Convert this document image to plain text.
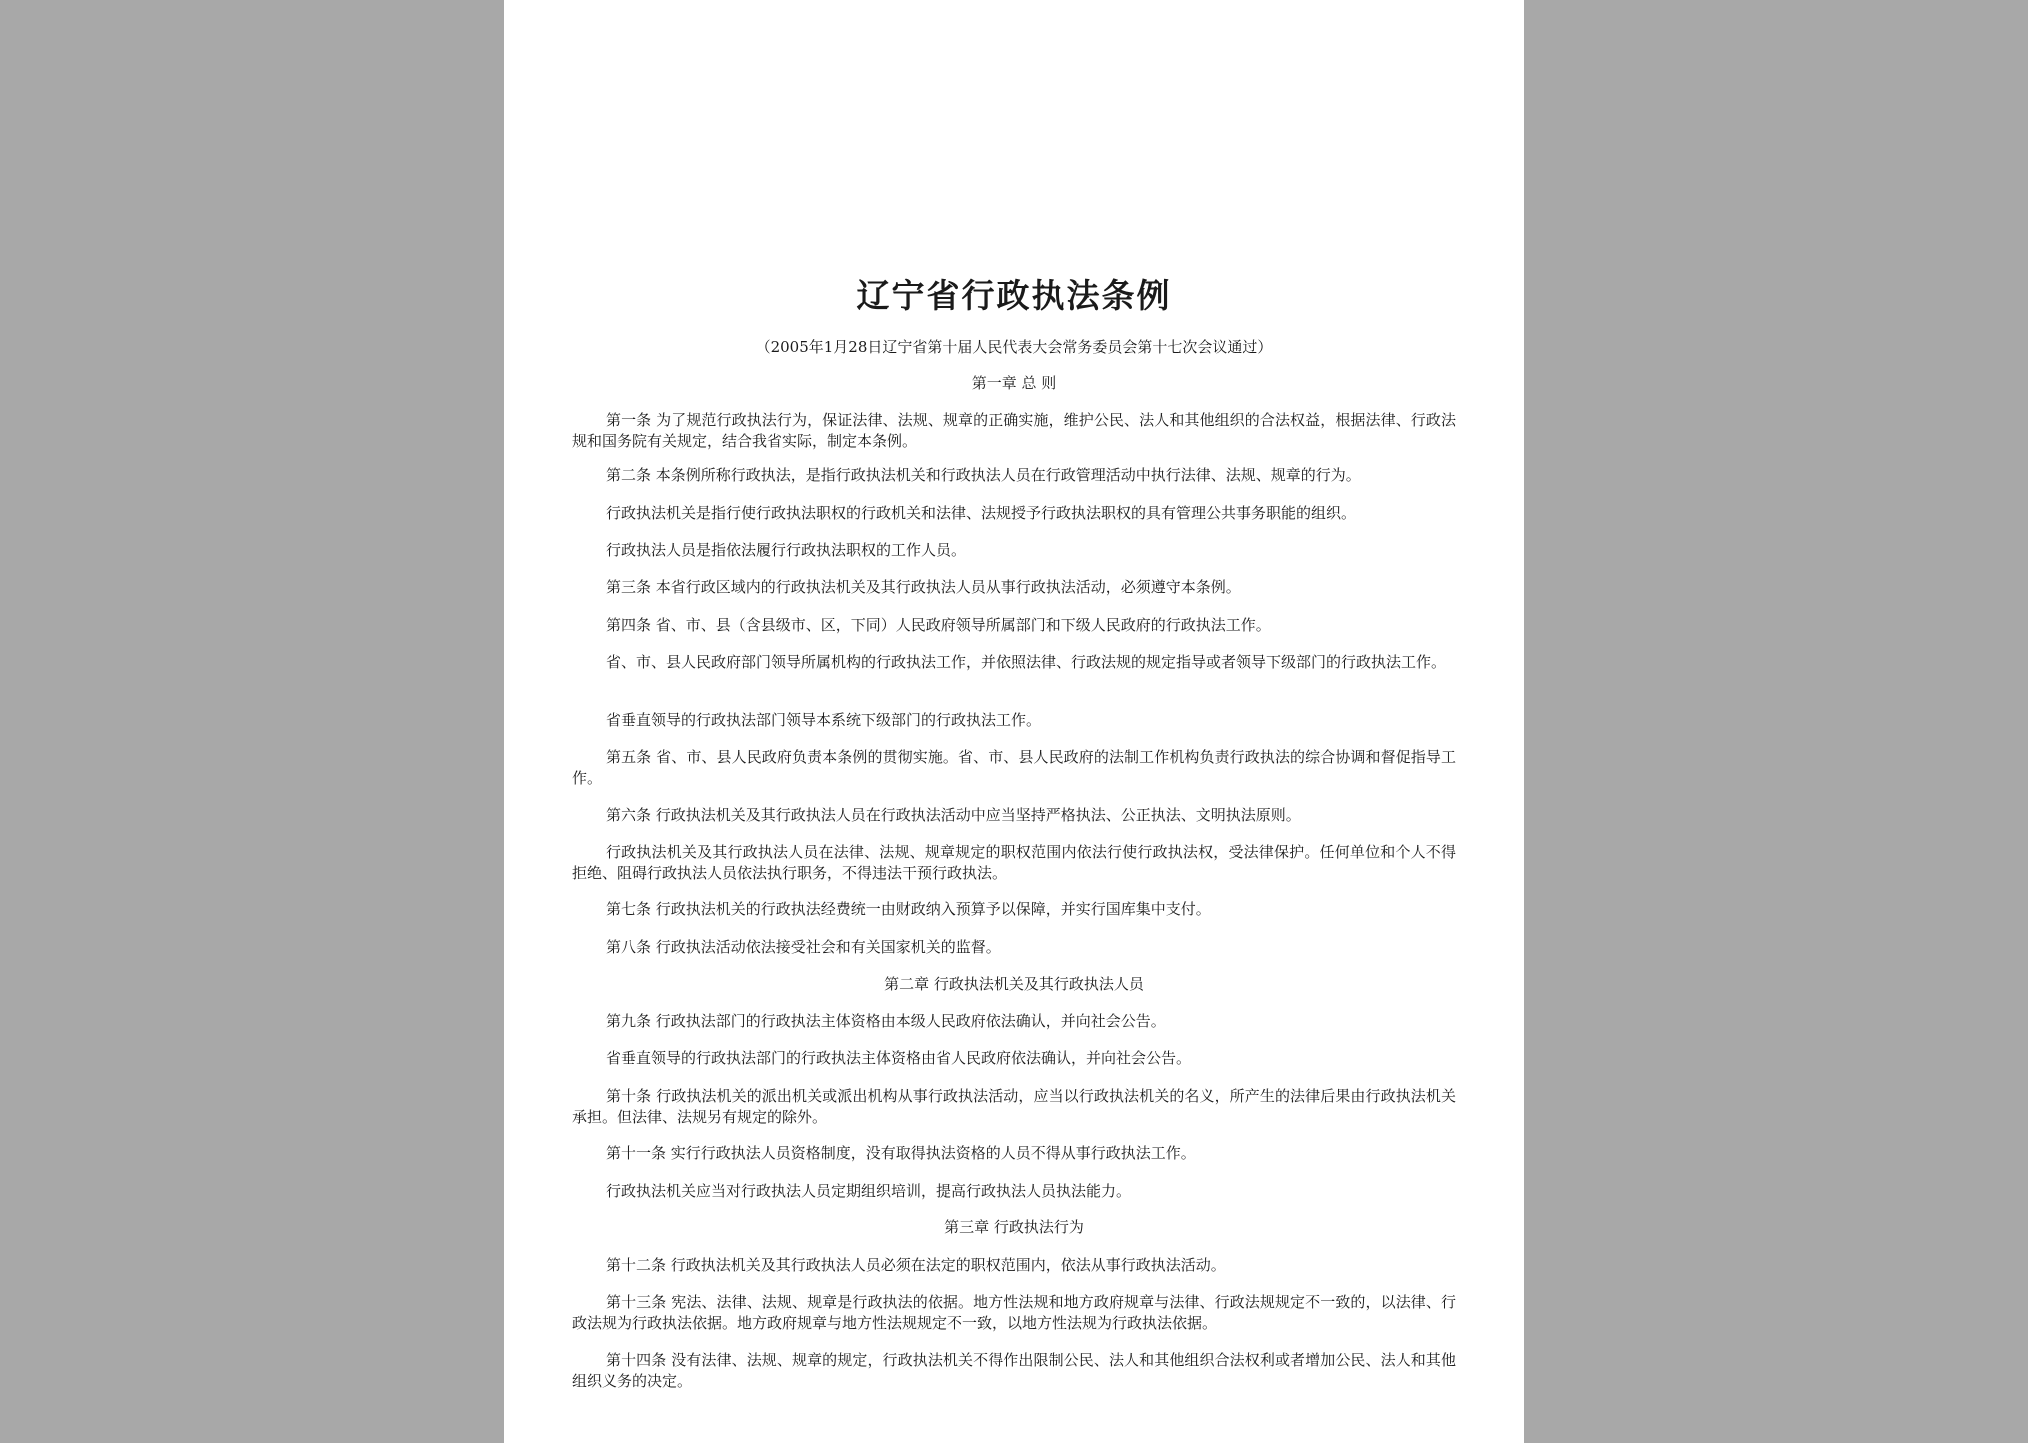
辽宁省行政执法条例
（2005年1月28日辽宁省第十届人民代表大会常务委员会第十七次会议通过）
第一章 总 则
第一条 为了规范行政执法行为，保证法律、法规、规章的正确实施，维护公民、法人和其他组织的合法权益，根据法律、行政法规和国务院有关规定，结合我省实际，制定本条例。
第二条 本条例所称行政执法，是指行政执法机关和行政执法人员在行政管理活动中执行法律、法规、规章的行为。
行政执法机关是指行使行政执法职权的行政机关和法律、法规授予行政执法职权的具有管理公共事务职能的组织。
行政执法人员是指依法履行行政执法职权的工作人员。
第三条 本省行政区域内的行政执法机关及其行政执法人员从事行政执法活动，必须遵守本条例。
第四条 省、市、县（含县级市、区，下同）人民政府领导所属部门和下级人民政府的行政执法工作。
省、市、县人民政府部门领导所属机构的行政执法工作，并依照法律、行政法规的规定指导或者领导下级部门的行政执法工作。
省垂直领导的行政执法部门领导本系统下级部门的行政执法工作。
第五条 省、市、县人民政府负责本条例的贯彻实施。省、市、县人民政府的法制工作机构负责行政执法的综合协调和督促指导工作。
第六条 行政执法机关及其行政执法人员在行政执法活动中应当坚持严格执法、公正执法、文明执法原则。
行政执法机关及其行政执法人员在法律、法规、规章规定的职权范围内依法行使行政执法权，受法律保护。任何单位和个人不得拒绝、阻碍行政执法人员依法执行职务，不得违法干预行政执法。
第七条 行政执法机关的行政执法经费统一由财政纳入预算予以保障，并实行国库集中支付。
第八条 行政执法活动依法接受社会和有关国家机关的监督。
第二章 行政执法机关及其行政执法人员
第九条 行政执法部门的行政执法主体资格由本级人民政府依法确认，并向社会公告。
省垂直领导的行政执法部门的行政执法主体资格由省人民政府依法确认，并向社会公告。
第十条 行政执法机关的派出机关或派出机构从事行政执法活动，应当以行政执法机关的名义，所产生的法律后果由行政执法机关承担。但法律、法规另有规定的除外。
第十一条 实行行政执法人员资格制度，没有取得执法资格的人员不得从事行政执法工作。
行政执法机关应当对行政执法人员定期组织培训，提高行政执法人员执法能力。
第三章 行政执法行为
第十二条 行政执法机关及其行政执法人员必须在法定的职权范围内，依法从事行政执法活动。
第十三条 宪法、法律、法规、规章是行政执法的依据。地方性法规和地方政府规章与法律、行政法规规定不一致的，以法律、行政法规为行政执法依据。地方政府规章与地方性法规规定不一致，以地方性法规为行政执法依据。
第十四条 没有法律、法规、规章的规定，行政执法机关不得作出限制公民、法人和其他组织合法权利或者增加公民、法人和其他组织义务的决定。
